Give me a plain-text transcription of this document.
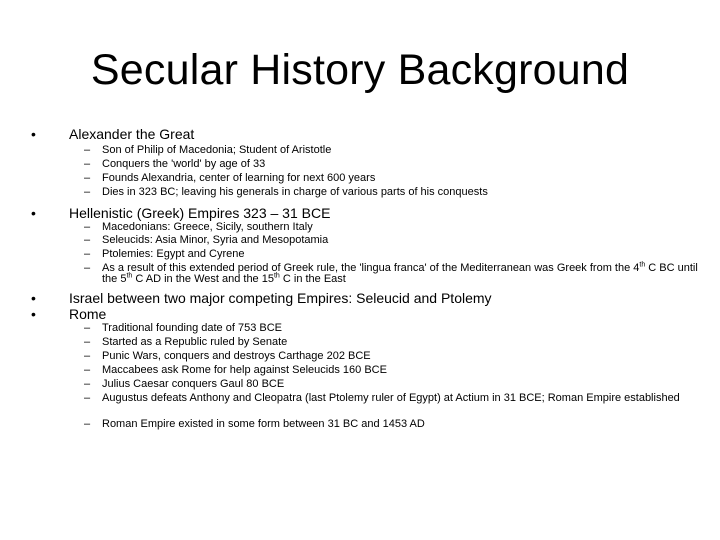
Secular History Background
• Alexander the Great
– Son of Philip of Macedonia; Student of Aristotle
– Conquers the 'world' by age of 33
– Founds Alexandria, center of learning for next 600 years
– Dies in 323 BC; leaving his generals in charge of various parts of his conquests
• Hellenistic (Greek) Empires 323 – 31 BCE
– Macedonians: Greece, Sicily, southern Italy
– Seleucids: Asia Minor, Syria and Mesopotamia
– Ptolemies: Egypt and Cyrene
– As a result of this extended period of Greek rule, the 'lingua franca' of the Mediterranean was Greek from the 4th C BC until the 5th C AD in the West and the 15th C in the East
• Israel between two major competing Empires: Seleucid and Ptolemy
• Rome
– Traditional founding date of 753 BCE
– Started as a Republic ruled by Senate
– Punic Wars, conquers and destroys Carthage 202 BCE
– Maccabees ask Rome for help against Seleucids 160 BCE
– Julius Caesar conquers Gaul 80 BCE
– Augustus defeats Anthony and Cleopatra (last Ptolemy ruler of Egypt) at Actium in 31 BCE; Roman Empire established
– Roman Empire existed in some form between 31 BC and 1453 AD
